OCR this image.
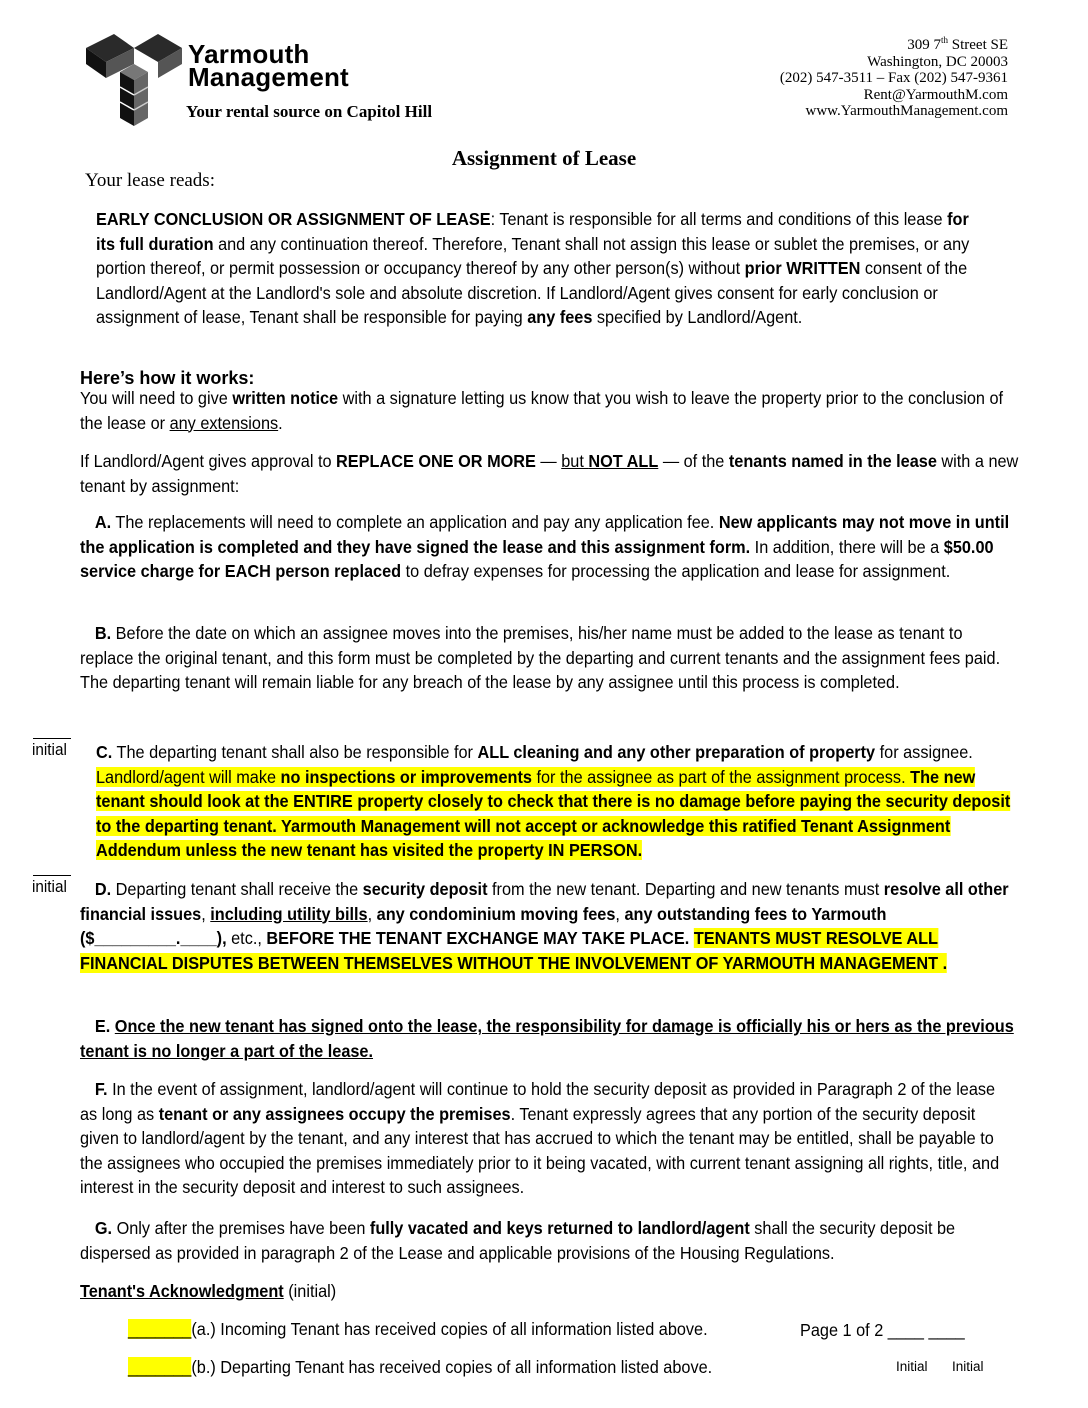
Yarmouth
Management
Your rental source on Capitol Hill
309 7th Street SE
Washington, DC 20003
(202) 547-3511 – Fax (202) 547-9361
Rent@YarmouthM.com
www.YarmouthManagement.com
Assignment of Lease
Your lease reads:
EARLY CONCLUSION OR ASSIGNMENT OF LEASE: Tenant is responsible for all terms and conditions of this lease for its full duration and any continuation thereof. Therefore, Tenant shall not assign this lease or sublet the premises, or any portion thereof, or permit possession or occupancy thereof by any other person(s) without prior WRITTEN consent of the Landlord/Agent at the Landlord's sole and absolute discretion. If Landlord/Agent gives consent for early conclusion or assignment of lease, Tenant shall be responsible for paying any fees specified by Landlord/Agent.
Here’s how it works:
You will need to give written notice with a signature letting us know that you wish to leave the property prior to the conclusion of the lease or any extensions.
If Landlord/Agent gives approval to REPLACE ONE OR MORE — but NOT ALL — of the tenants named in the lease with a new tenant by assignment:
A. The replacements will need to complete an application and pay any application fee. New applicants may not move in until the application is completed and they have signed the lease and this assignment form. In addition, there will be a $50.00 service charge for EACH person replaced to defray expenses for processing the application and lease for assignment.
B. Before the date on which an assignee moves into the premises, his/her name must be added to the lease as tenant to replace the original tenant, and this form must be completed by the departing and current tenants and the assignment fees paid. The departing tenant will remain liable for any breach of the lease by any assignee until this process is completed.
initial C. The departing tenant shall also be responsible for ALL cleaning and any other preparation of property for assignee. Landlord/agent will make no inspections or improvements for the assignee as part of the assignment process. The new tenant should look at the ENTIRE property closely to check that there is no damage before paying the security deposit to the departing tenant. Yarmouth Management will not accept or acknowledge this ratified Tenant Assignment Addendum unless the new tenant has visited the property IN PERSON.
initial	D. Departing tenant shall receive the security deposit from the new tenant. Departing and new tenants must resolve all other financial issues, including utility bills, any condominium moving fees, any outstanding fees to Yarmouth ($_________.____), etc., BEFORE THE TENANT EXCHANGE MAY TAKE PLACE. TENANTS MUST RESOLVE ALL FINANCIAL DISPUTES BETWEEN THEMSELVES WITHOUT THE INVOLVEMENT OF YARMOUTH MANAGEMENT .
E. Once the new tenant has signed onto the lease, the responsibility for damage is officially his or hers as the previous tenant is no longer a part of the lease.
F. In the event of assignment, landlord/agent will continue to hold the security deposit as provided in Paragraph 2 of the lease as long as tenant or any assignees occupy the premises. Tenant expressly agrees that any portion of the security deposit given to landlord/agent by the tenant, and any interest that has accrued to which the tenant may be entitled, shall be payable to the assignees who occupied the premises immediately prior to it being vacated, with current tenant assigning all rights, title, and interest in the security deposit and interest to such assignees.
G. Only after the premises have been fully vacated and keys returned to landlord/agent shall the security deposit be dispersed as provided in paragraph 2 of the Lease and applicable provisions of the Housing Regulations.
Tenant's Acknowledgment (initial)
_______(a.) Incoming Tenant has received copies of all information listed above.
_______(b.) Departing Tenant has received copies of all information listed above.
Page 1 of 2 ____ ____
Initial Initial
